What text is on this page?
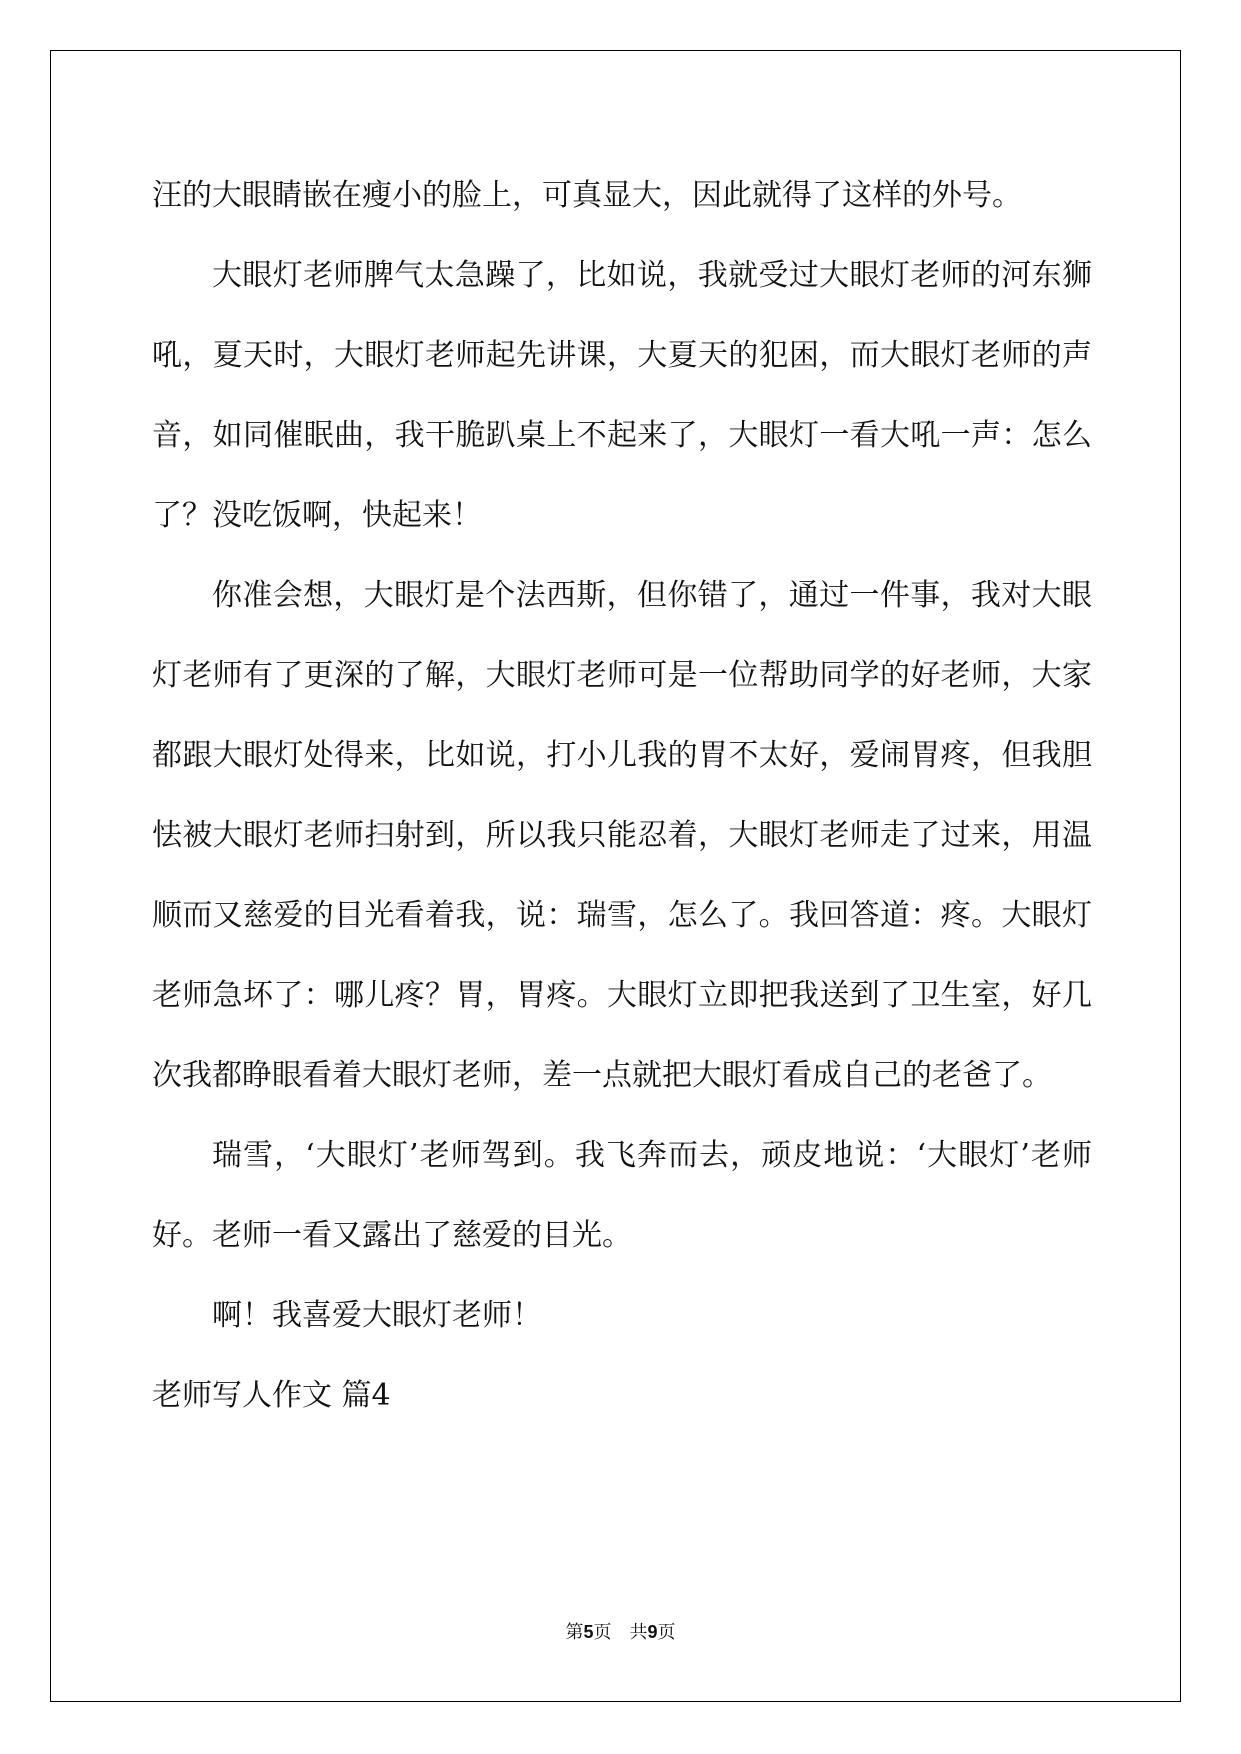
汪的大眼睛嵌在瘦小的脸上，可真显大，因此就得了这样的外号。

大眼灯老师脾气太急躁了，比如说，我就受过大眼灯老师的河东狮吼，夏天时，大眼灯老师起先讲课，大夏天的犯困，而大眼灯老师的声音，如同催眠曲，我干脆趴桌上不起来了，大眼灯一看大吼一声：怎么了？没吃饭啊，快起来！

你准会想，大眼灯是个法西斯，但你错了，通过一件事，我对大眼灯老师有了更深的了解，大眼灯老师可是一位帮助同学的好老师，大家都跟大眼灯处得来，比如说，打小儿我的胃不太好，爱闹胃疼，但我胆怯被大眼灯老师扫射到，所以我只能忍着，大眼灯老师走了过来，用温顺而又慈爱的目光看着我，说：瑞雪，怎么了。我回答道：疼。大眼灯老师急坏了：哪儿疼？胃，胃疼。大眼灯立即把我送到了卫生室，好几次我都睁眼看着大眼灯老师，差一点就把大眼灯看成自己的老爸了。

瑞雪，‘大眼灯’老师驾到。我飞奔而去，顽皮地说：‘大眼灯’老师好。老师一看又露出了慈爱的目光。

啊！我喜爱大眼灯老师！

老师写人作文 篇4

第5页 共9页
